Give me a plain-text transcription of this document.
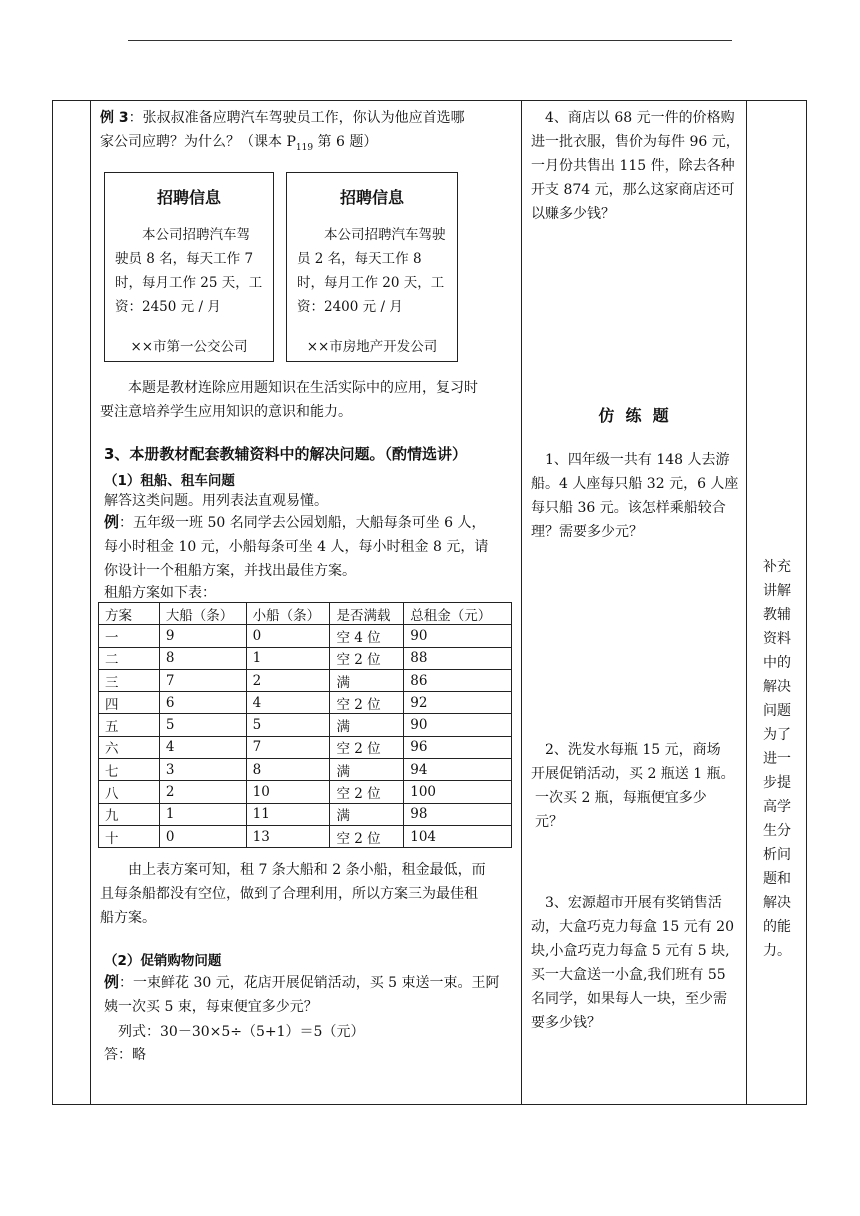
例 3：张叔叔准备应聘汽车驾驶员工作，你认为他应首选哪
家公司应聘？为什么？（课本 $P_{119}$ 第 6 题）
招聘信息
本公司招聘汽车驾驶员 8 名，每天工作 7 时，每月工作 25 天，工资：2450 元 / 月
××市第一公交公司
招聘信息
本公司招聘汽车驾驶员 2 名，每天工作 8 时，每月工作 20 天，工资：2400 元 / 月
××市房地产开发公司
本题是教材连除应用题知识在生活实际中的应用，复习时
要注意培养学生应用知识的意识和能力。
3、本册教材配套教辅资料中的解决问题。（酌情选讲）
（1）租船、租车问题
解答这类问题。用列表法直观易懂。
例：五年级一班 50 名同学去公园划船，大船每条可坐 6 人，
每小时租金 10 元，小船每条可坐 4 人，每小时租金 8 元，请
你设计一个租船方案，并找出最佳方案。
租船方案如下表：
方案	大船（条）	小船（条）	是否满载	总租金（元）
一	9	0	空 4 位	90
二	8	1	空 2 位	88
三	7	2	满	86
四	6	4	空 2 位	92
五	5	5	满	90
六	4	7	空 2 位	96
七	3	8	满	94
八	2	10	空 2 位	100
九	1	11	满	98
十	0	13	空 2 位	104
由上表方案可知，租 7 条大船和 2 条小船，租金最低，而
且每条船都没有空位，做到了合理利用，所以方案三为最佳租
船方案。
（2）促销购物问题
例：一束鲜花 30 元，花店开展促销活动，买 5 束送一束。王阿
姨一次买 5 束，每束便宜多少元？
列式：30－30×5÷（5+1）＝5（元）
答：略
4、商店以 68 元一件的价格购
进一批衣服，售价为每件 96 元，
一月份共售出 115 件，除去各种
开支 874 元，那么这家商店还可
以赚多少钱？
仿  练  题
1、四年级一共有 148 人去游
船。4 人座每只船 32 元，6 人座
每只船 36 元。该怎样乘船较合
理？需要多少元？
2、洗发水每瓶 15 元，商场
开展促销活动，买 2 瓶送 1 瓶。
一次买 2 瓶，每瓶便宜多少
元？
3、宏源超市开展有奖销售活
动，大盒巧克力每盒 15 元有 20
块,小盒巧克力每盒 5 元有 5 块,
买一大盒送一小盒,我们班有 55
名同学，如果每人一块，至少需
要多少钱？
补充
讲解
教辅
资料
中的
解决
问题
为了
进一
步提
高学
生分
析问
题和
解决
的能
力。
